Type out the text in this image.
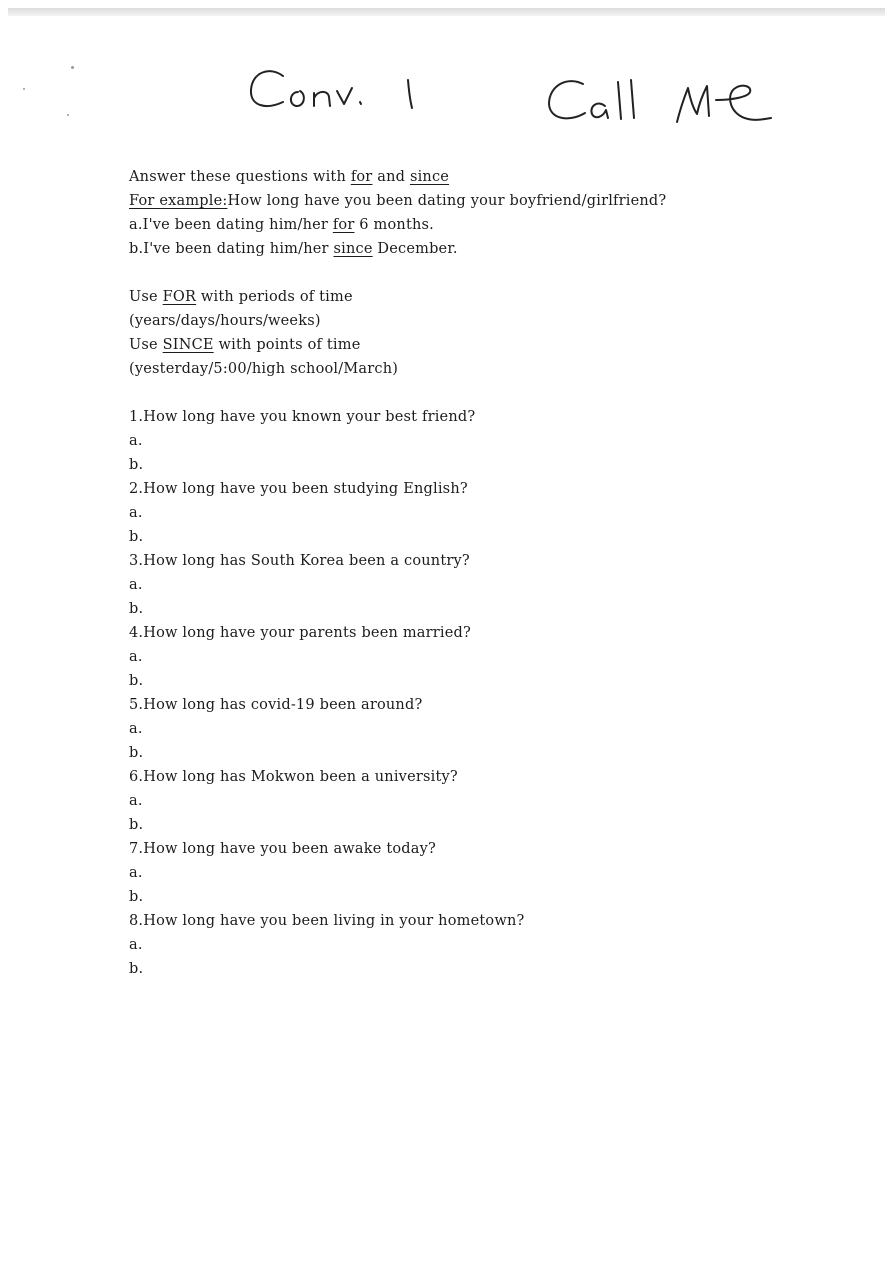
Answer these questions with for and since
For example:How long have you been dating your boyfriend/girlfriend?
a.I've been dating him/her for 6 months.
b.I've been dating him/her since December.
Use FOR with periods of time
(years/days/hours/weeks)
Use SINCE with points of time
(yesterday/5:00/high school/March)
1.How long have you known your best friend?
a.
b.
2.How long have you been studying English?
a.
b.
3.How long has South Korea been a country?
a.
b.
4.How long have your parents been married?
a.
b.
5.How long has covid-19 been around?
a.
b.
6.How long has Mokwon been a university?
a.
b.
7.How long have you been awake today?
a.
b.
8.How long have you been living in your hometown?
a.
b.
